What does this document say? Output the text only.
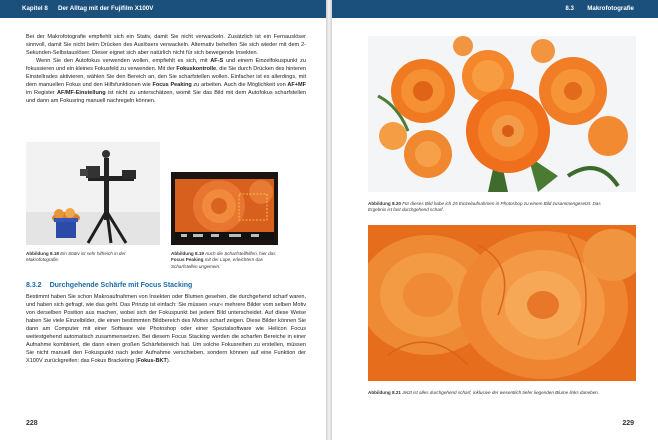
Kapitel 8 Der Alltag mit der Fujifilm X100V

Bei der Makrofotografie empfiehlt sich ein Stativ, damit Sie nicht verwackeln. Zusätzlich ist ein Fernauslöser sinnvoll, damit Sie nicht beim Drücken des Auslösers verwackeln. Alternativ behelfen Sie sich wieder mit dem 2-Sekunden-Selbstauslöser. Dieser eignet sich aber natürlich nicht für sich bewegende Insekten.

Wenn Sie den Autofokus verwenden wollen, empfiehlt es sich, mit AF-S und einem Einzelfokuspunkt zu fokussieren und ein kleines Fokusfeld zu verwenden. Mit der Fokuskontrolle, die Sie durch Drücken des hinteren Einstellrades aktivieren, wählen Sie den Bereich an, den Sie scharfstellen wollen. Einfacher ist es allerdings, mit dem manuellen Fokus und den Hilfsfunktionen wie Focus Peaking zu arbeiten. Auch die Möglichkeit von AF+MF im Register AF/MF-Einstellung ist nicht zu unterschätzen, womit Sie das Bild mit dem Autofokus scharfstellen und dann am Fokusring manuell nachregeln können.

Abbildung 8.18 Ein Stativ ist sehr hilfreich in der Makrofotografie.
Abbildung 8.19 Auch die Scharfstellhilfen, hier das Focus Peaking mit der Lupe, erleichtern das Scharfstellen ungemein.
8.3.2 Durchgehende Schärfe mit Focus Stacking

Bestimmt haben Sie schon Makroaufnahmen von Insekten oder Blumen gesehen, die durchgehend scharf waren, und haben sich gefragt, wie das geht. Das Prinzip ist einfach: Sie müssen »nur« mehrere Bilder vom selben Motiv von derselben Position aus machen, wobei sich der Fokuspunkt bei jedem Bild unterscheidet. Auf diese Weise haben Sie viele Einzelbilder, die einen bestimmten Bildbereich des Motivs scharf zeigen. Diese Bilder können Sie dann am Computer mit einer Software wie Photoshop oder einer Spezialsoftware wie Helicon Focus weitestgehend automatisch zusammensetzen. Bei diesem Focus Stacking werden die scharfen Bereiche in einer Aufnahme kombiniert, die dann einen großen Schärfebereich hat. Um solche Fokusreihen zu erstellen, müssen Sie nicht manuell den Fokuspunkt nach jeder Aufnahme verschieben, sondern können auf eine Funktion der X100V zurückgreifen: das Fokus Bracketing (Fokus-BKT).

228
Makrofotografie
8.3
Abbildung 8.20 Für dieses Bild habe ich 25 Einzelaufnahmen in Photoshop zu einem Bild zusammengesetzt. Das Ergebnis ist fast durchgehend scharf.
Abbildung 8.21 Jetzt ist alles durchgehend scharf, inklusive der wesentlich tiefer liegenden Blume links daneben.
229
